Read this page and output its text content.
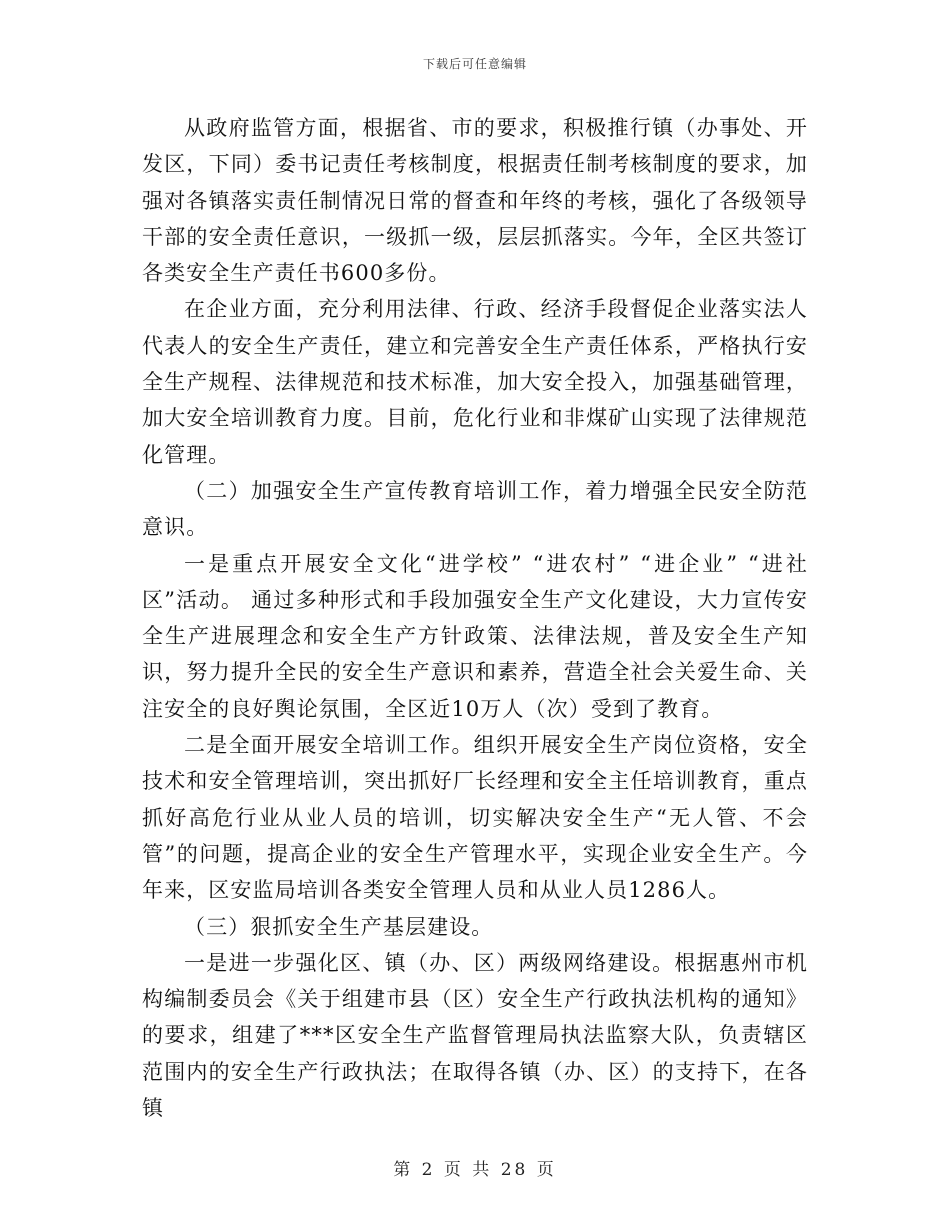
下载后可任意编辑

从政府监管方面，根据省、市的要求，积极推行镇（办事处、开发区，下同）委书记责任考核制度，根据责任制考核制度的要求，加强对各镇落实责任制情况日常的督查和年终的考核，强化了各级领导干部的安全责任意识，一级抓一级，层层抓落实。今年，全区共签订各类安全生产责任书600多份。

在企业方面，充分利用法律、行政、经济手段督促企业落实法人代表人的安全生产责任，建立和完善安全生产责任体系，严格执行安全生产规程、法律规范和技术标准，加大安全投入，加强基础管理，加大安全培训教育力度。目前，危化行业和非煤矿山实现了法律规范化管理。

（二）加强安全生产宣传教育培训工作，着力增强全民安全防范意识。

一是重点开展安全文化“进学校” “进农村” “进企业” “进社区”活动。 通过多种形式和手段加强安全生产文化建设，大力宣传安全生产进展理念和安全生产方针政策、法律法规，普及安全生产知识，努力提升全民的安全生产意识和素养，营造全社会关爱生命、关注安全的良好舆论氛围，全区近10万人（次）受到了教育。

二是全面开展安全培训工作。组织开展安全生产岗位资格，安全技术和安全管理培训，突出抓好厂长经理和安全主任培训教育，重点抓好高危行业从业人员的培训，切实解决安全生产“无人管、不会管”的问题，提高企业的安全生产管理水平，实现企业安全生产。今年来，区安监局培训各类安全管理人员和从业人员1286人。

（三）狠抓安全生产基层建设。

一是进一步强化区、镇（办、区）两级网络建设。根据惠州市机构编制委员会《关于组建市县（区）安全生产行政执法机构的通知》的要求，组建了***区安全生产监督管理局执法监察大队，负责辖区范围内的安全生产行政执法；在取得各镇（办、区）的支持下，在各镇

第 2 页 共 28 页
